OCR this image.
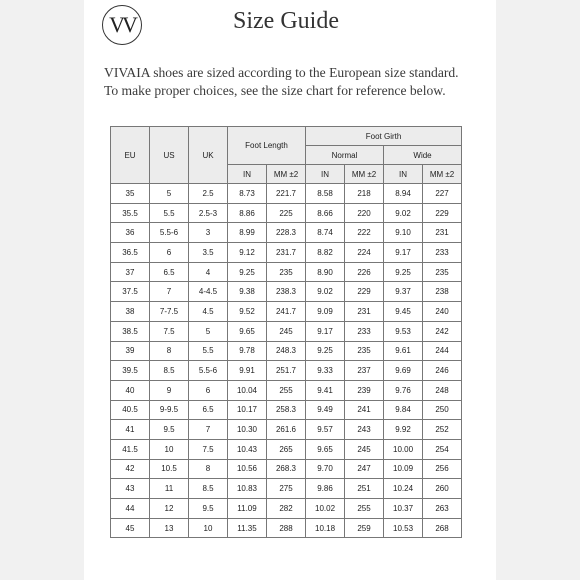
VV	Size Guide
VIVAIA shoes are sized according to the European size standard.
To make proper choices, see the size chart for reference below.
EU	US	UK	Foot Length		Foot Girth			
					Normal		Wide	
			IN	MM ±2	IN	MM ±2	IN	MM ±2
35	5	2.5	8.73	221.7	8.58	218	8.94	227
35.5	5.5	2.5-3	8.86	225	8.66	220	9.02	229
36	5.5-6	3	8.99	228.3	8.74	222	9.10	231
36.5	6	3.5	9.12	231.7	8.82	224	9.17	233
37	6.5	4	9.25	235	8.90	226	9.25	235
37.5	7	4-4.5	9.38	238.3	9.02	229	9.37	238
38	7-7.5	4.5	9.52	241.7	9.09	231	9.45	240
38.5	7.5	5	9.65	245	9.17	233	9.53	242
39	8	5.5	9.78	248.3	9.25	235	9.61	244
39.5	8.5	5.5-6	9.91	251.7	9.33	237	9.69	246
40	9	6	10.04	255	9.41	239	9.76	248
40.5	9-9.5	6.5	10.17	258.3	9.49	241	9.84	250
41	9.5	7	10.30	261.6	9.57	243	9.92	252
41.5	10	7.5	10.43	265	9.65	245	10.00	254
42	10.5	8	10.56	268.3	9.70	247	10.09	256
43	11	8.5	10.83	275	9.86	251	10.24	260
44	12	9.5	11.09	282	10.02	255	10.37	263
45	13	10	11.35	288	10.18	259	10.53	268
